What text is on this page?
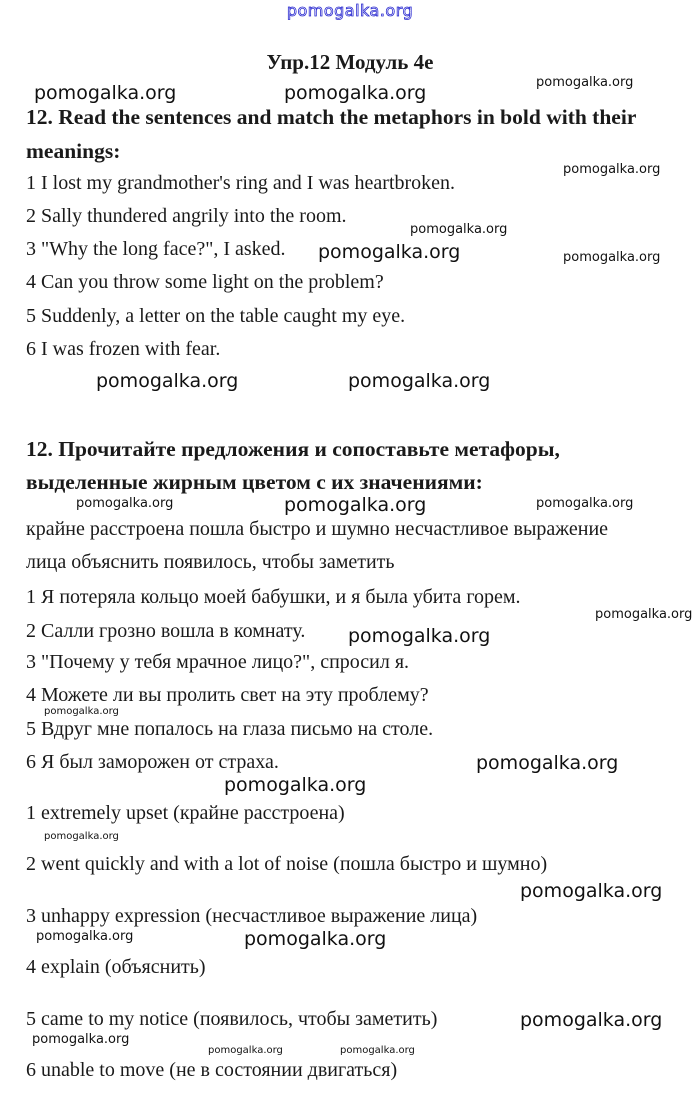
pomogalka.org
Упр.12 Модуль 4е
12. Read the sentences and match the metaphors in bold with their
meanings:
1 I lost my grandmother's ring and I was heartbroken.
2 Sally thundered angrily into the room.
3 "Why the long face?", I asked.
4 Can you throw some light on the problem?
5 Suddenly, a letter on the table caught my eye.
6 I was frozen with fear.
12. Прочитайте предложения и сопоставьте метафоры,
выделенные жирным цветом с их значениями:
крайне расстроена пошла быстро и шумно несчастливое выражение
лица объяснить появилось, чтобы заметить
1 Я потеряла кольцо моей бабушки, и я была убита горем.
2 Салли грозно вошла в комнату.
3 "Почему у тебя мрачное лицо?", спросил я.
4 Можете ли вы пролить свет на эту проблему?
5 Вдруг мне попалось на глаза письмо на столе.
6 Я был заморожен от страха.
1 extremely upset (крайне расстроена)
2 went quickly and with a lot of noise (пошла быстро и шумно)
3 unhappy expression (несчастливое выражение лица)
4 explain (объяснить)
5 came to my notice (появилось, чтобы заметить)
6 unable to move (не в состоянии двигаться)
pomogalka.org	pomogalka.org	pomogalka.org
pomogalka.org
pomogalka.org
pomogalka.org	pomogalka.org
pomogalka.org	pomogalka.org
pomogalka.org	pomogalka.org
pomogalka.org
pomogalka.org
pomogalka.org
pomogalka.org
pomogalka.org
pomogalka.org
pomogalka.org
pomogalka.org
pomogalka.org	pomogalka.org
pomogalka.org
pomogalka.org
pomogalka.org	pomogalka.org
